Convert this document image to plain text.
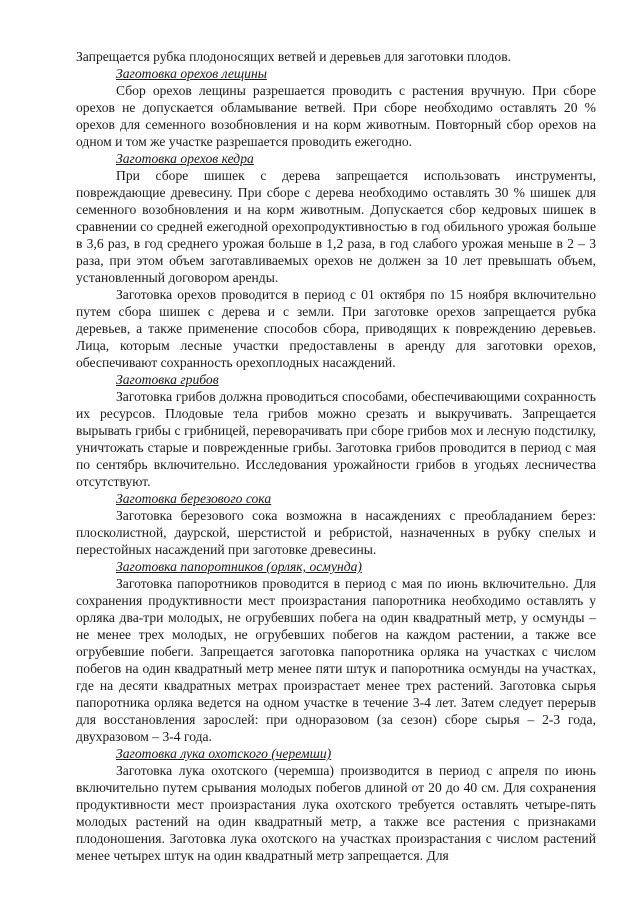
Запрещается рубка плодоносящих ветвей и деревьев для заготовки плодов.

Заготовка орехов лещины

Сбор орехов лещины разрешается проводить с растения вручную. При сборе орехов не допускается обламывание ветвей. При сборе необходимо оставлять 20 % орехов для семенного возобновления и на корм животным. Повторный сбор орехов на одном и том же участке разрешается проводить ежегодно.

Заготовка орехов кедра

При сборе шишек с дерева запрещается использовать инструменты, повреждающие древесину. При сборе с дерева необходимо оставлять 30 % шишек для семенного возобновления и на корм животным. Допускается сбор кедровых шишек в сравнении со средней ежегодной орехопродуктивностью в год обильного урожая больше в 3,6 раз, в год среднего урожая больше в 1,2 раза, в год слабого урожая меньше в 2 – 3 раза, при этом объем заготавливаемых орехов не должен за 10 лет превышать объем, установленный договором аренды.

Заготовка орехов проводится в период с 01 октября по 15 ноября включительно путем сбора шишек с дерева и с земли. При заготовке орехов запрещается рубка деревьев, а также применение способов сбора, приводящих к повреждению деревьев. Лица, которым лесные участки предоставлены в аренду для заготовки орехов, обеспечивают сохранность орехоплодных насаждений.

Заготовка грибов

Заготовка грибов должна проводиться способами, обеспечивающими сохранность их ресурсов. Плодовые тела грибов можно срезать и выкручивать. Запрещается вырывать грибы с грибницей, переворачивать при сборе грибов мох и лесную подстилку, уничтожать старые и поврежденные грибы. Заготовка грибов проводится в период с мая по сентябрь включительно. Исследования урожайности грибов в угодьях лесничества отсутствуют.

Заготовка березового сока

Заготовка березового сока возможна в насаждениях с преобладанием берез: плосколистной, даурской, шерстистой и ребристой, назначенных в рубку спелых и перестойных насаждений при заготовке древесины.

Заготовка папоротников (орляк, осмунда)

Заготовка папоротников проводится в период с мая по июнь включительно. Для сохранения продуктивности мест произрастания папоротника необходимо оставлять у орляка два-три молодых, не огрубевших побега на один квадратный метр, у осмунды – не менее трех молодых, не огрубевших побегов на каждом растении, а также все огрубевшие побеги. Запрещается заготовка папоротника орляка на участках с числом побегов на один квадратный метр менее пяти штук и папоротника осмунды на участках, где на десяти квадратных метрах произрастает менее трех растений. Заготовка сырья папоротника орляка ведется на одном участке в течение 3-4 лет. Затем следует перерыв для восстановления зарослей: при одноразовом (за сезон) сборе сырья – 2-3 года, двухразовом – 3-4 года.

Заготовка лука охотского (черемши)

Заготовка лука охотского (черемша) производится в период с апреля по июнь включительно путем срывания молодых побегов длиной от 20 до 40 см. Для сохранения продуктивности мест произрастания лука охотского требуется оставлять четыре-пять молодых растений на один квадратный метр, а также все растения с признаками плодоношения. Заготовка лука охотского на участках произрастания с числом растений менее четырех штук на один квадратный метр запрещается. Для
